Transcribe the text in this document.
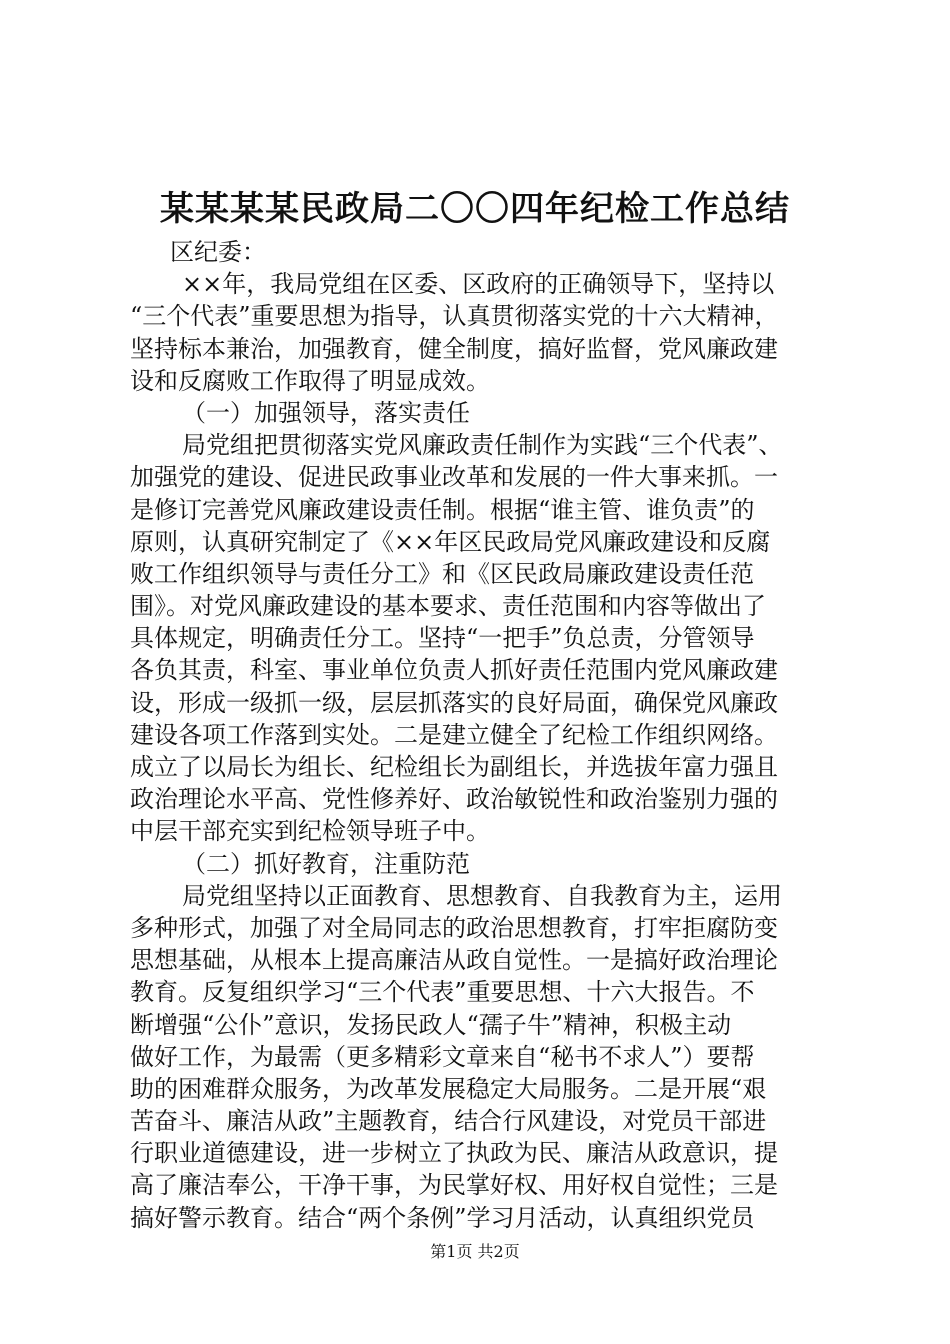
某某某某民政局二〇〇四年纪检工作总结
区纪委：
××年，我局党组在区委、区政府的正确领导下，坚持以
“三个代表”重要思想为指导，认真贯彻落实党的十六大精神，
坚持标本兼治，加强教育，健全制度，搞好监督，党风廉政建
设和反腐败工作取得了明显成效。
（一）加强领导，落实责任
局党组把贯彻落实党风廉政责任制作为实践“三个代表”、
加强党的建设、促进民政事业改革和发展的一件大事来抓。一
是修订完善党风廉政建设责任制。根据“谁主管、谁负责”的
原则，认真研究制定了《××年区民政局党风廉政建设和反腐
败工作组织领导与责任分工》和《区民政局廉政建设责任范
围》。对党风廉政建设的基本要求、责任范围和内容等做出了
具体规定，明确责任分工。坚持“一把手”负总责，分管领导
各负其责，科室、事业单位负责人抓好责任范围内党风廉政建
设，形成一级抓一级，层层抓落实的良好局面，确保党风廉政
建设各项工作落到实处。二是建立健全了纪检工作组织网络。
成立了以局长为组长、纪检组长为副组长，并选拔年富力强且
政治理论水平高、党性修养好、政治敏锐性和政治鉴别力强的
中层干部充实到纪检领导班子中。
（二）抓好教育，注重防范
局党组坚持以正面教育、思想教育、自我教育为主，运用
多种形式，加强了对全局同志的政治思想教育，打牢拒腐防变
思想基础，从根本上提高廉洁从政自觉性。一是搞好政治理论
教育。反复组织学习“三个代表”重要思想、十六大报告。不
断增强“公仆”意识，发扬民政人“孺子牛”精神，积极主动
做好工作，为最需（更多精彩文章来自“秘书不求人”）要帮
助的困难群众服务，为改革发展稳定大局服务。二是开展“艰
苦奋斗、廉洁从政”主题教育，结合行风建设，对党员干部进
行职业道德建设，进一步树立了执政为民、廉洁从政意识，提
高了廉洁奉公，干净干事，为民掌好权、用好权自觉性；三是
搞好警示教育。结合“两个条例”学习月活动，认真组织党员
第1页 共2页
